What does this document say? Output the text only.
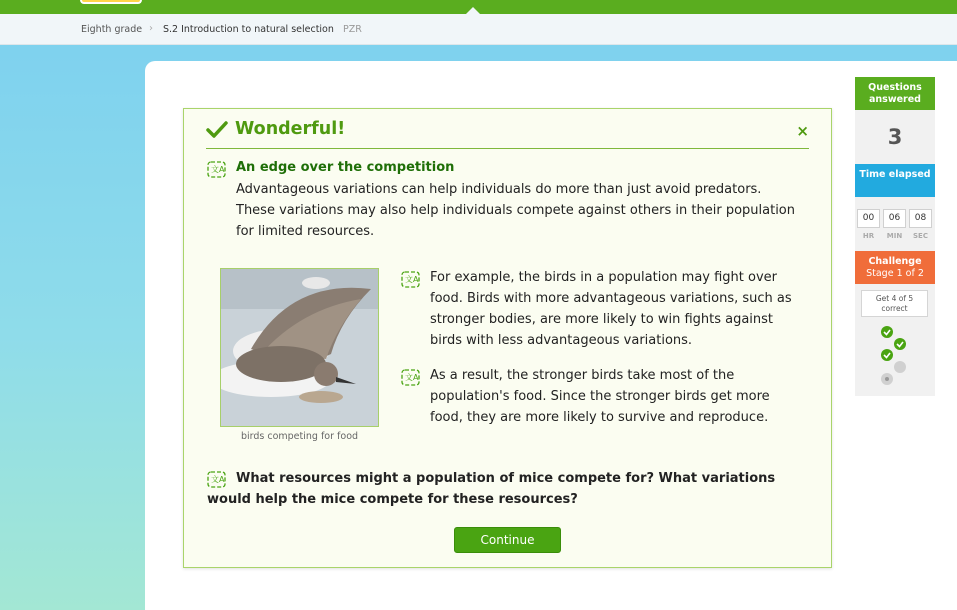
Eighth grade › S.2 Introduction to natural selection PZR
Wonderful!	×
文A An edge over the competition
Advantageous variations can help individuals do more than just avoid predators. These variations may also help individuals compete against others in their population for limited resources.
birds competing for food
文A For example, the birds in a population may fight over food. Birds with more advantageous variations, such as stronger bodies, are more likely to win fights against birds with less advantageous variations.
文A As a result, the stronger birds take most of the population's food. Since the stronger birds get more food, they are more likely to survive and reproduce.
文A What resources might a population of mice compete for? What variations would help the mice compete for these resources?
Continue
Questions answered
3
Time elapsed
00	06	08
HR	MIN	SEC
Challenge
Stage 1 of 2
Get 4 of 5 correct
